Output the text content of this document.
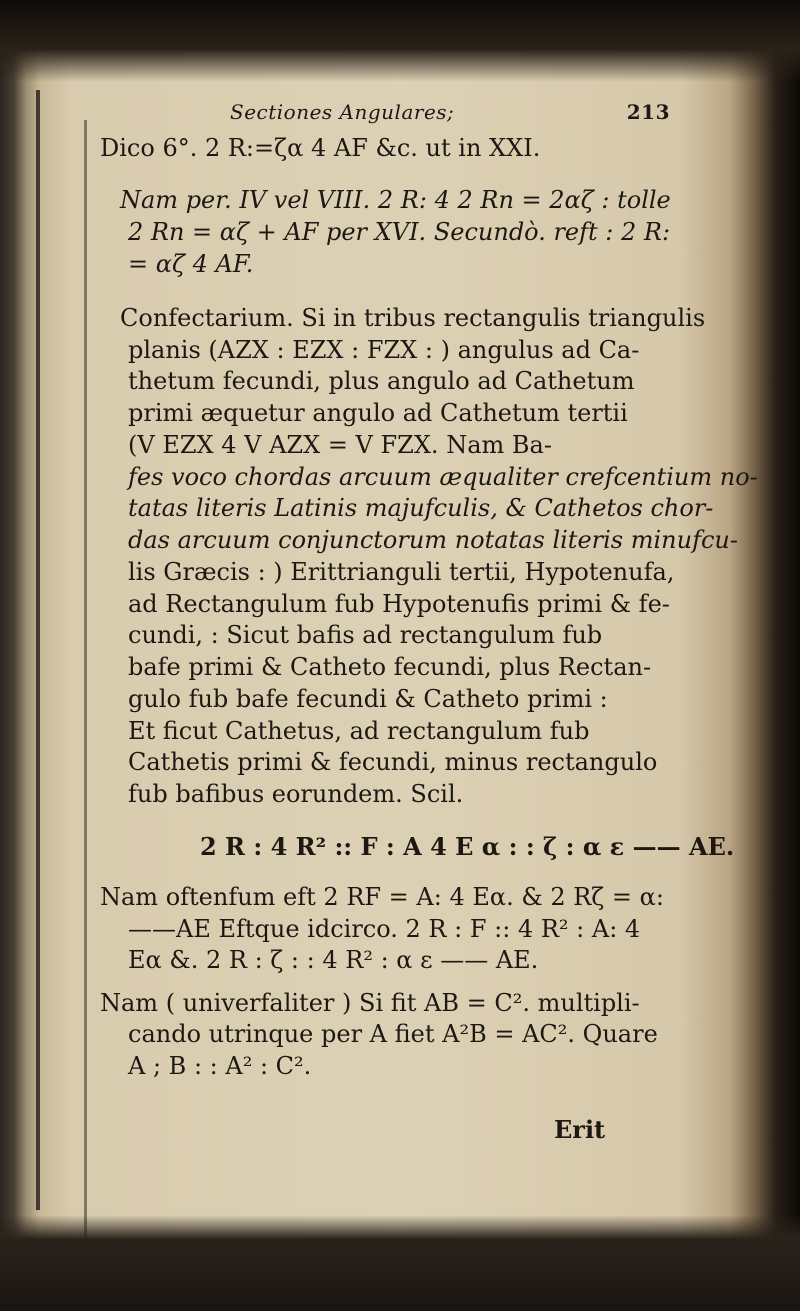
Sectiones Angulares;	213
Dico 6°. 2 R:=ζα 4 AF &c. ut in XXI.
Nam per. IV vel VIII. 2 R: 4 2 Rn = 2αζ : tolle
2 Rn = αζ + AF per XVI. Secundò. reft : 2 R:
= αζ 4 AF.
Confectarium. Si in tribus rectangulis triangulis
planis (AZX : EZX : FZX : ) angulus ad Ca-
thetum fecundi, plus angulo ad Cathetum
primi æquetur angulo ad Cathetum tertii
(V EZX 4 V AZX = V FZX. Nam Ba-
fes voco chordas arcuum æqualiter crefcentium no-
tatas literis Latinis majufculis, & Cathetos chor-
das arcuum conjunctorum notatas literis minufcu-
lis Græcis : ) Erittrianguli tertii, Hypotenufa,
ad Rectangulum fub Hypotenufis primi & fe-
cundi, : Sicut bafis ad rectangulum fub
bafe primi & Catheto fecundi, plus Rectan-
gulo fub bafe fecundi & Catheto primi :
Et ficut Cathetus, ad rectangulum fub
Cathetis primi & fecundi, minus rectangulo
fub bafibus eorundem. Scil.
2 R : 4 R² :: F : A 4 E α : : ζ : α ε —— AE.
Nam oftenfum eft 2 RF = A: 4 Eα. & 2 Rζ = α:
——AE Eftque idcirco. 2 R : F :: 4 R² : A: 4
Eα &. 2 R : ζ : : 4 R² : α ε —— AE.
Nam ( univerfaliter ) Si fit AB = C². multipli-
cando utrinque per A fiet A²B = AC². Quare
A ; B : : A² : C².
Erit
